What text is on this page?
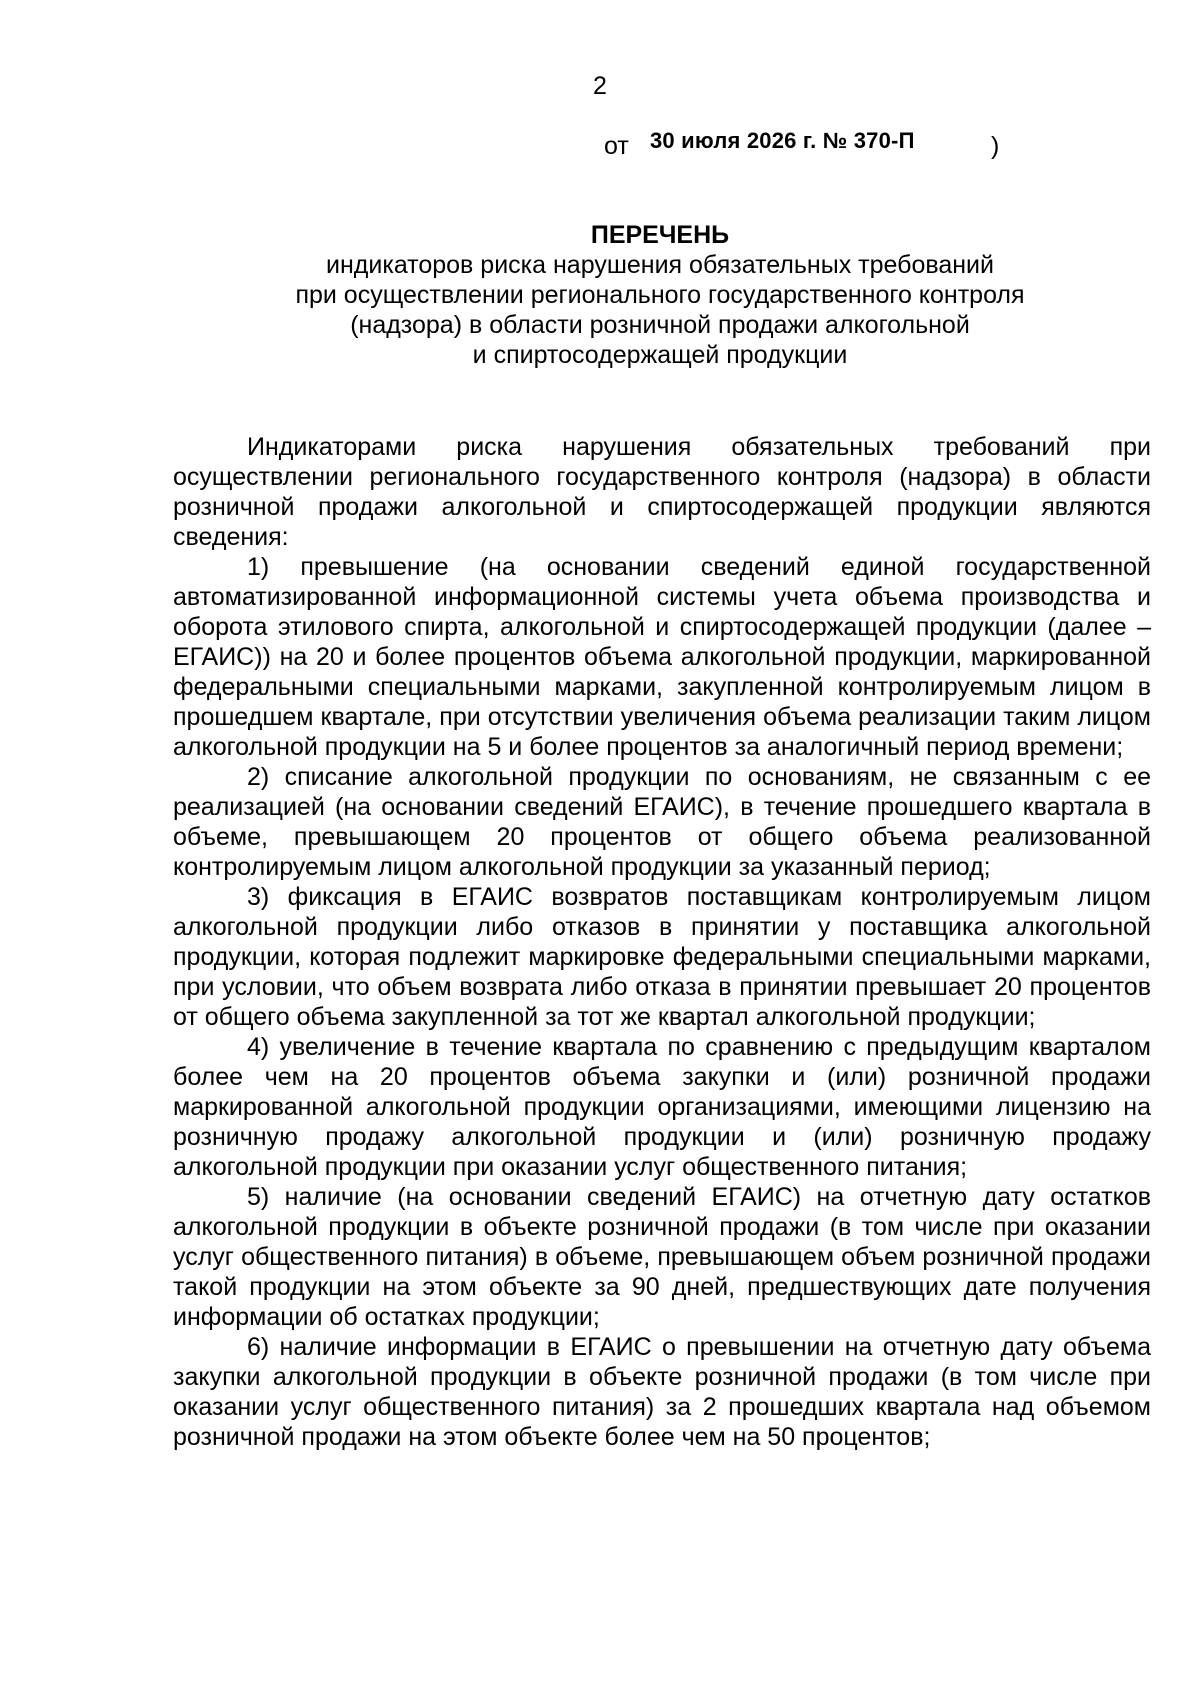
2
от 30 июля 2026 г. № 370-П	)
ПЕРЕЧЕНЬ
индикаторов риска нарушения обязательных требований
при осуществлении регионального государственного контроля
(надзора) в области розничной продажи алкогольной
и спиртосодержащей продукции

Индикаторами риска нарушения обязательных требований при осуществлении регионального государственного контроля (надзора) в области розничной продажи алкогольной и спиртосодержащей продукции являются сведения:

1) превышение (на основании сведений единой государственной автоматизированной информационной системы учета объема производства и оборота этилового спирта, алкогольной и спиртосодержащей продукции (далее – ЕГАИС)) на 20 и более процентов объема алкогольной продукции, маркированной федеральными специальными марками, закупленной контролируемым лицом в прошедшем квартале, при отсутствии увеличения объема реализации таким лицом алкогольной продукции на 5 и более процентов за аналогичный период времени;

2) списание алкогольной продукции по основаниям, не связанным с ее реализацией (на основании сведений ЕГАИС), в течение прошедшего квартала в объеме, превышающем 20 процентов от общего объема реализованной контролируемым лицом алкогольной продукции за указанный период;

3) фиксация в ЕГАИС возвратов поставщикам контролируемым лицом алкогольной продукции либо отказов в принятии у поставщика алкогольной продукции, которая подлежит маркировке федеральными специальными марками, при условии, что объем возврата либо отказа в принятии превышает 20 процентов от общего объема закупленной за тот же квартал алкогольной продукции;

4) увеличение в течение квартала по сравнению с предыдущим кварталом более чем на 20 процентов объема закупки и (или) розничной продажи маркированной алкогольной продукции организациями, имеющими лицензию на розничную продажу алкогольной продукции и (или) розничную продажу алкогольной продукции при оказании услуг общественного питания;

5) наличие (на основании сведений ЕГАИС) на отчетную дату остатков алкогольной продукции в объекте розничной продажи (в том числе при оказании услуг общественного питания) в объеме, превышающем объем розничной продажи такой продукции на этом объекте за 90 дней, предшествующих дате получения информации об остатках продукции;

6) наличие информации в ЕГАИС о превышении на отчетную дату объема закупки алкогольной продукции в объекте розничной продажи (в том числе при оказании услуг общественного питания) за 2 прошедших квартала над объемом розничной продажи на этом объекте более чем на 50 процентов;
